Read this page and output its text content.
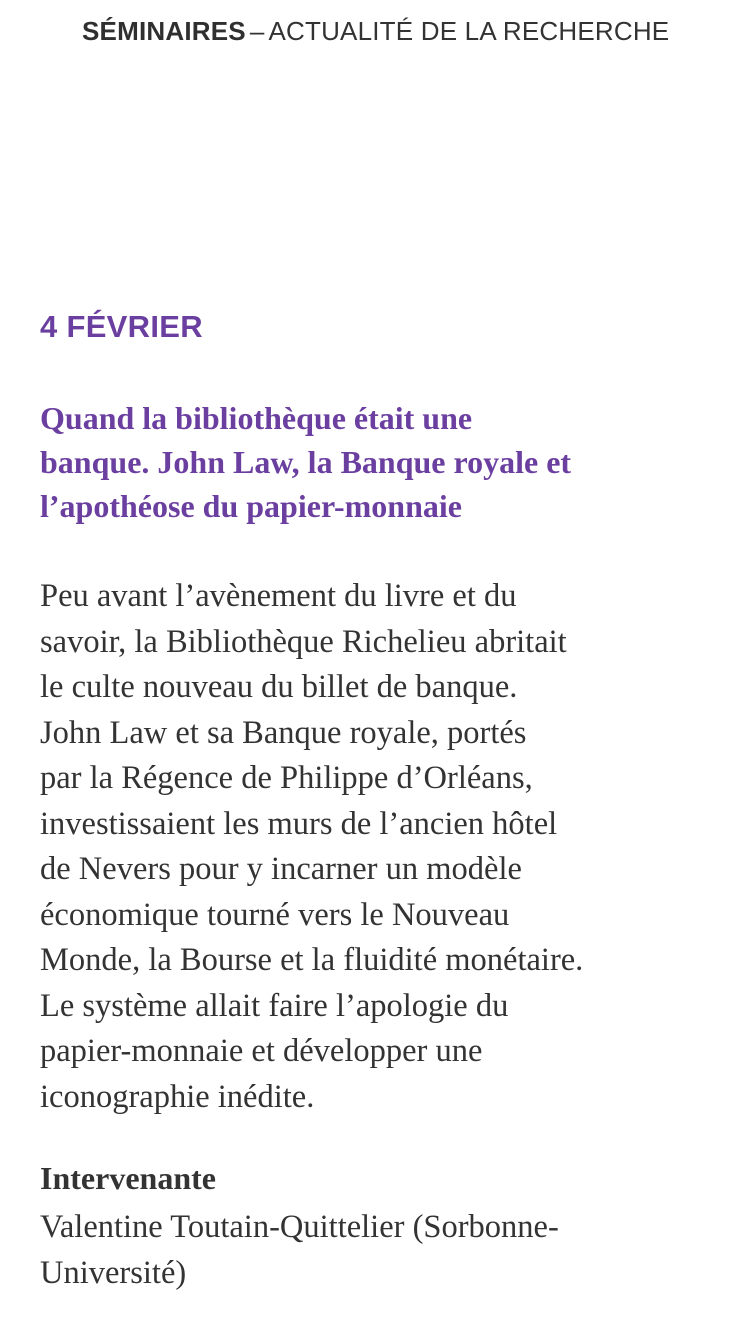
SÉMINAIRES – ACTUALITÉ DE LA RECHERCHE
4 FÉVRIER
Quand la bibliothèque était une
banque. John Law, la Banque royale et
l’apothéose du papier-monnaie
Peu avant l’avènement du livre et du
savoir, la Bibliothèque Richelieu abritait
le culte nouveau du billet de banque.
John Law et sa Banque royale, portés
par la Régence de Philippe d’Orléans,
investissaient les murs de l’ancien hôtel
de Nevers pour y incarner un modèle
économique tourné vers le Nouveau
Monde, la Bourse et la fluidité monétaire.
Le système allait faire l’apologie du
papier-monnaie et développer une
iconographie inédite.
Intervenante
Valentine Toutain-Quittelier (Sorbonne-
Université)
